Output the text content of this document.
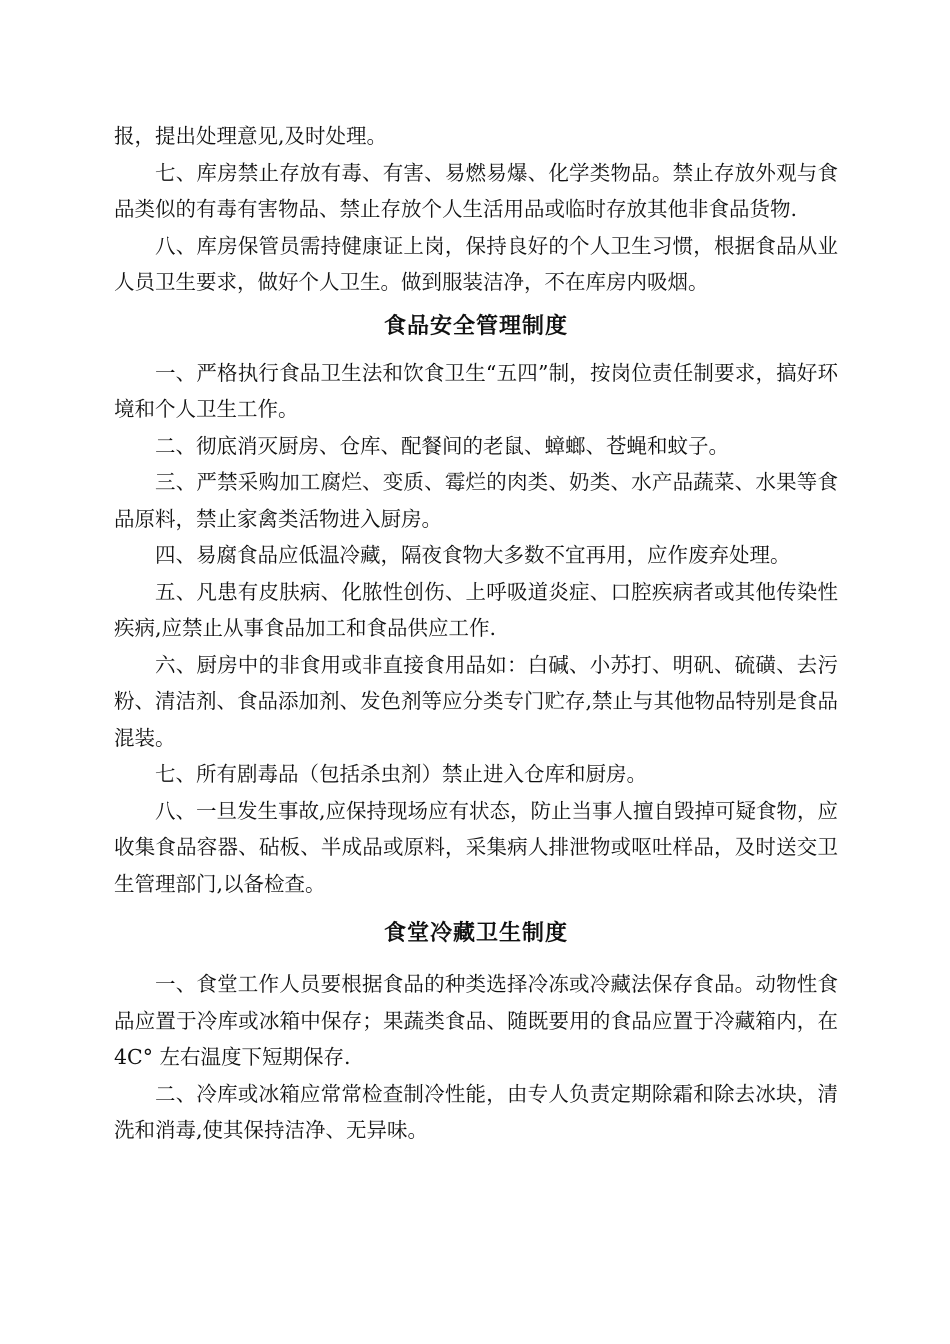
报，提出处理意见,及时处理。

七、库房禁止存放有毒、有害、易燃易爆、化学类物品。禁止存放外观与食品类似的有毒有害物品、禁止存放个人生活用品或临时存放其他非食品货物.

八、库房保管员需持健康证上岗，保持良好的个人卫生习惯，根据食品从业人员卫生要求，做好个人卫生。做到服装洁净，不在库房内吸烟。

食品安全管理制度

一、严格执行食品卫生法和饮食卫生“五四”制，按岗位责任制要求，搞好环境和个人卫生工作。

二、彻底消灭厨房、仓库、配餐间的老鼠、蟑螂、苍蝇和蚊子。

三、严禁采购加工腐烂、变质、霉烂的肉类、奶类、水产品蔬菜、水果等食品原料，禁止家禽类活物进入厨房。

四、易腐食品应低温冷藏，隔夜食物大多数不宜再用，应作废弃处理。

五、凡患有皮肤病、化脓性创伤、上呼吸道炎症、口腔疾病者或其他传染性疾病,应禁止从事食品加工和食品供应工作.

六、厨房中的非食用或非直接食用品如：白碱、小苏打、明矾、硫磺、去污粉、清洁剂、食品添加剂、发色剂等应分类专门贮存,禁止与其他物品特别是食品混装。

七、所有剧毒品（包括杀虫剂）禁止进入仓库和厨房。

八、一旦发生事故,应保持现场应有状态，防止当事人擅自毁掉可疑食物，应收集食品容器、砧板、半成品或原料，采集病人排泄物或呕吐样品，及时送交卫生管理部门,以备检查。

食堂冷藏卫生制度

一、食堂工作人员要根据食品的种类选择冷冻或冷藏法保存食品。动物性食品应置于冷库或冰箱中保存；果蔬类食品、随既要用的食品应置于冷藏箱内，在 4C° 左右温度下短期保存.

二、冷库或冰箱应常常检查制冷性能，由专人负责定期除霜和除去冰块，清洗和消毒,使其保持洁净、无异味。
